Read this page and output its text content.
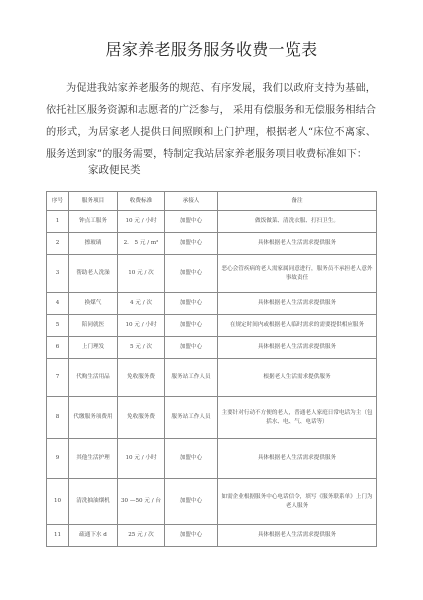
居家养老服务服务收费一览表

为促进我站家养老服务的规范、有序发展，我们以政府支持为基础，依托社区服务资源和志愿者的广泛参与， 采用有偿服务和无偿服务相结合的形式，为居家老人提供日间照顾和上门护理，根据老人“床位不离家、服务送到家”的服务需要，特制定我站居家养老服务项目收费标准如下：

家政便民类
序号	服务项目	收费标准	承接人	备注
1	钟点工服务	10 元 / 小时	加盟中心	做饭做菜、清洗衣服、打扫卫生。
2	擦玻璃	2． 5 元 / m²	加盟中心	具体根据老人生活需求提供服务
3	帮助老人洗澡	10 元 / 次	加盟中心	恶心会管疾病的老人需家属同意进行，服务员不承担老人意外事故责任
4	换煤气	4 元 / 次	加盟中心	具体根据老人生活需求提供服务
5	陪同就医	10 元 / 小时	加盟中心	在规定时间内或根据老人临时需求的需要提供相应服务
6	上门理发	5 元 / 次	加盟中心	具体根据老人生活需求提供服务
7	代购生活用品	免收服务费	服务站工作人员	根据老人生活需求提供服务
8	代缴服务项费用	免收服务费	服务站工作人员	主要针对行动不方便的老人，普通老人家庭日常电话为主（包括水、电、气、电话等）
9	其他生活护理	10 元 / 小时	加盟中心	具体根据老人生活需求提供服务
10	清洗抽油烟机	30 —50 元 / 台	加盟中心	如需企业根据服务中心电话信令，填写《服务联系单》上门为老人服务
11	疏通下水 d	25 元 / 次	加盟中心	具体根据老人生活需求提供服务
